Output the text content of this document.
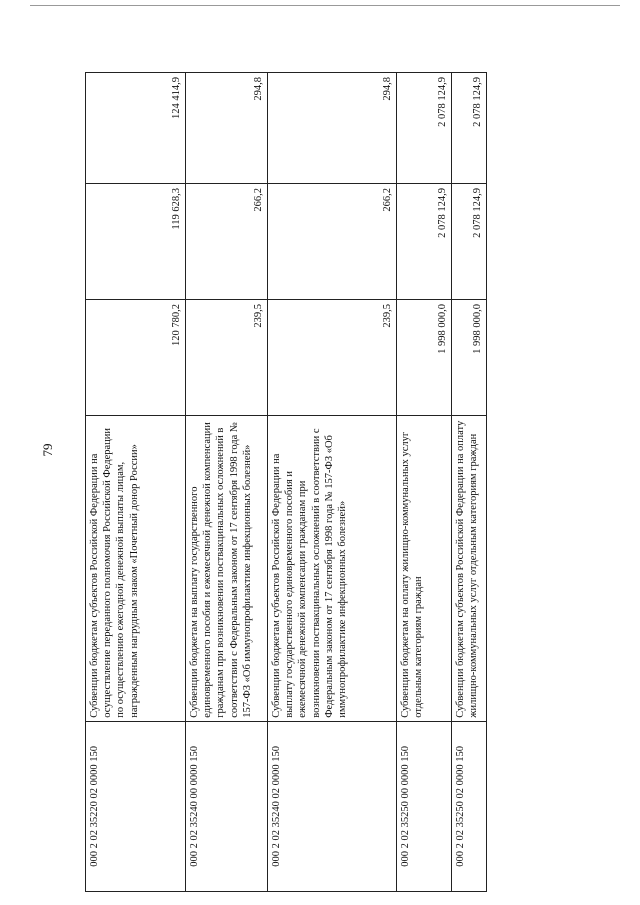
79
000 2 02 35220 02 0000 150	Субвенции бюджетам субъектов Российской Федерации на осуществление переданного полномочия Российской Федерации по осуществлению ежегодной денежной выплаты лицам, награжденным нагрудным знаком «Почетный донор России»	120 780,2	119 628,3	124 414,9
000 2 02 35240 00 0000 150	Субвенции бюджетам на выплату государственного единовременного пособия и ежемесячной денежной компенсации гражданам при возникновении поствакцинальных осложнений в соответствии с Федеральным законом от 17 сентября 1998 года № 157-ФЗ «Об иммунопрофилактике инфекционных болезней»	239,5	266,2	294,8
000 2 02 35240 02 0000 150	Субвенции бюджетам субъектов Российской Федерации на выплату государственного единовременного пособия и ежемесячной денежной компенсации гражданам при возникновении поствакцинальных осложнений в соответствии с Федеральным законом от 17 сентября 1998 года № 157-ФЗ «Об иммунопрофилактике инфекционных болезней»	239,5	266,2	294,8
000 2 02 35250 00 0000 150	Субвенции бюджетам на оплату жилищно-коммунальных услуг отдельным категориям граждан	1 998 000,0	2 078 124,9	2 078 124,9
000 2 02 35250 02 0000 150	Субвенции бюджетам субъектов Российской Федерации на оплату жилищно-коммунальных услуг отдельным категориям граждан	1 998 000,0	2 078 124,9	2 078 124,9
